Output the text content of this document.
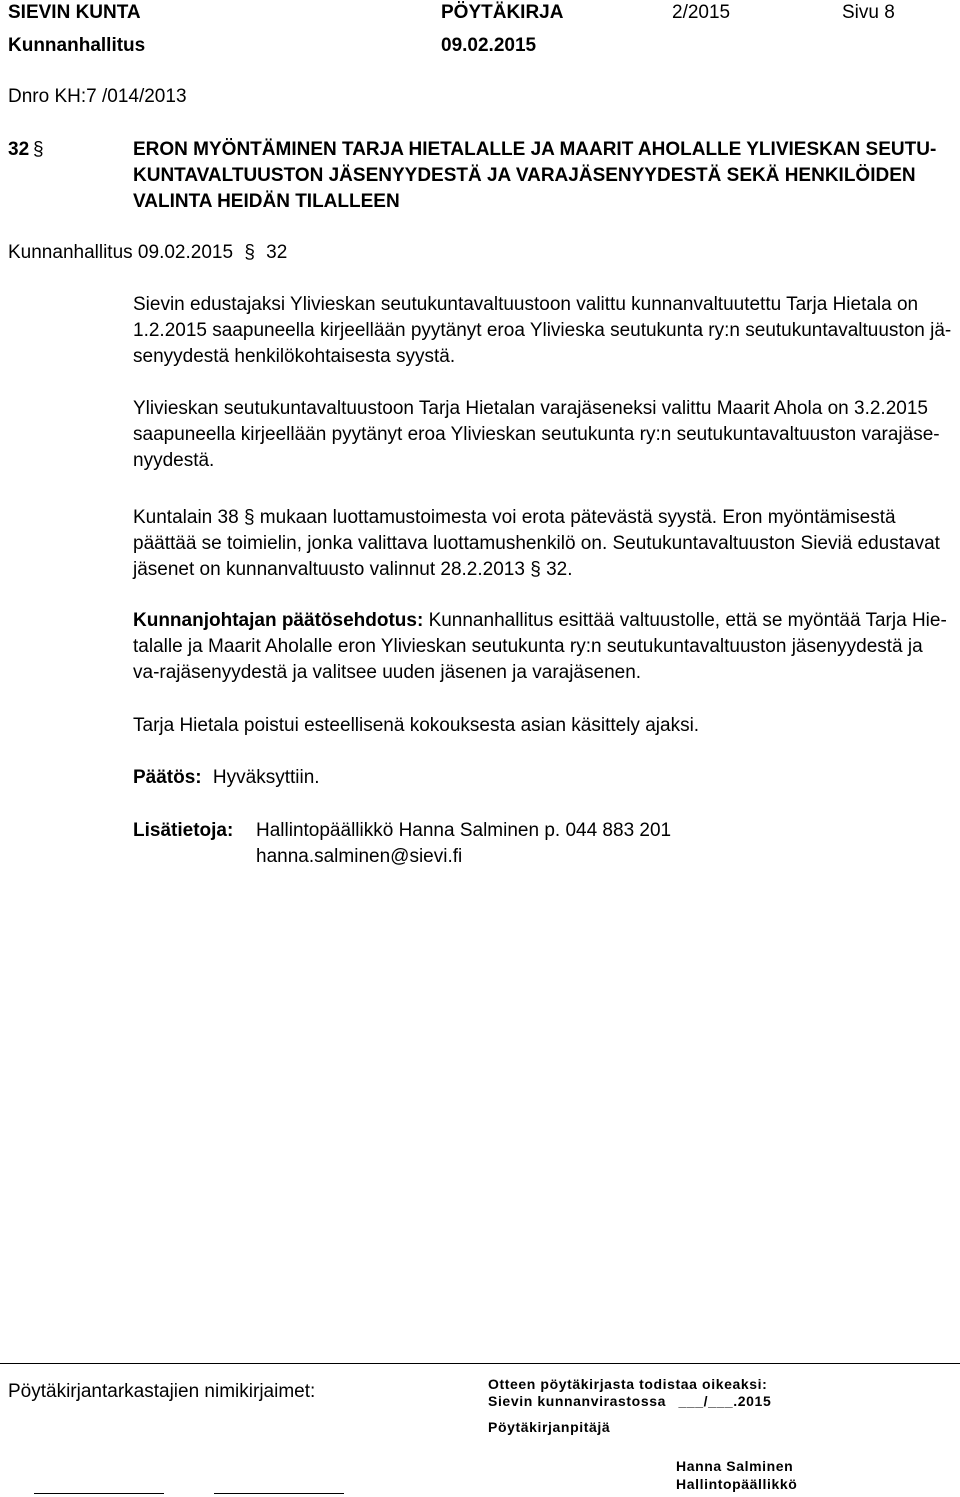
SIEVIN KUNTA	PÖYTÄKIRJA	2/2015	Sivu 8
Kunnanhallitus	09.02.2015
Dnro KH:7 /014/2013
32 §	ERON MYÖNTÄMINEN TARJA HIETALALLE JA MAARIT AHOLALLE YLIVIESKAN SEUTU-
KUNTAVALTUUSTON JÄSENYYDESTÄ JA VARAJÄSENYYDESTÄ SEKÄ HENKILÖIDEN
VALINTA HEIDÄN TILALLEEN
Kunnanhallitus 09.02.2015 § 32

Sievin edustajaksi Ylivieskan seutukuntavaltuustoon valittu kunnanvaltuutettu Tarja Hietala on 1.2.2015 saapuneella kirjeellään pyytänyt eroa Ylivieska seutukunta ry:n seutukuntavaltuuston jä-senyydestä henkilökohtaisesta syystä.

Ylivieskan seutukuntavaltuustoon Tarja Hietalan varajäseneksi valittu Maarit Ahola on 3.2.2015 saapuneella kirjeellään pyytänyt eroa Ylivieskan seutukunta ry:n seutukuntavaltuuston varajäse-nyydestä.

Kuntalain 38 § mukaan luottamustoimesta voi erota pätevästä syystä. Eron myöntämisestä päättää se toimielin, jonka valittava luottamushenkilö on. Seutukuntavaltuuston Sieviä edustavat jäsenet on kunnanvaltuusto valinnut 28.2.2013 § 32.

Kunnanjohtajan päätösehdotus: Kunnanhallitus esittää valtuustolle, että se myöntää Tarja Hie-talalle ja Maarit Aholalle eron Ylivieskan seutukunta ry:n seutukuntavaltuuston jäsenyydestä ja va-rajäsenyydestä ja valitsee uuden jäsenen ja varajäsenen.

Tarja Hietala poistui esteellisenä kokouksesta asian käsittely ajaksi.

Päätös: Hyväksyttiin.
Lisätietoja: Hallintopäällikkö Hanna Salminen p. 044 883 201
hanna.salminen@sievi.fi
Pöytäkirjantarkastajien nimikirjaimet:	Otteen pöytäkirjasta todistaa oikeaksi:
Sievin kunnanvirastossa ___/___.2015
Pöytäkirjanpitäjä
Hanna Salminen
Hallintopäällikkö
